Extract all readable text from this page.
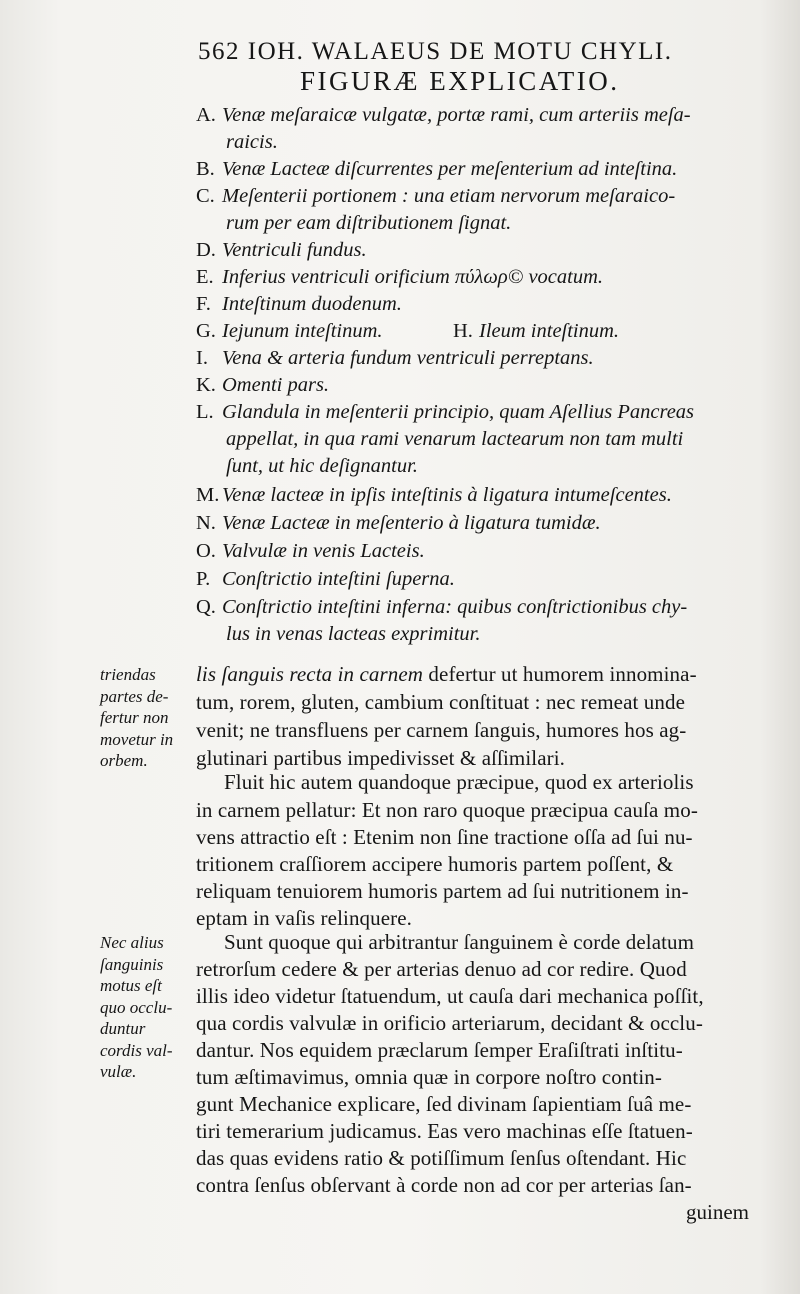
562 IOH. WALAEUS DE MOTU CHYLI.
FIGURÆ EXPLICATIO.
A. Venæ meſaraicæ vulgatæ, portæ rami, cum arteriis meſa-
raicis.
B. Venæ Lacteæ diſcurrentes per meſenterium ad inteſtina.
C. Meſenterii portionem : una etiam nervorum meſaraico-
rum per eam diſtributionem ſignat.
D. Ventriculi fundus.
E. Inferius ventriculi orificium πύλωρ© vocatum.
F. Inteſtinum duodenum.
G. Iejunum inteſtinum.	H. Ileum inteſtinum.
I. Vena & arteria fundum ventriculi perreptans.
K. Omenti pars.
L. Glandula in meſenterii principio, quam Aſellius Pancreas
appellat, in qua rami venarum lactearum non tam multi
ſunt, ut hic deſignantur.
M. Venæ lacteæ in ipſis inteſtinis à ligatura intumeſcentes.
N. Venæ Lacteæ in meſenterio à ligatura tumidæ.
O. Valvulæ in venis Lacteis.
P. Conſtrictio inteſtini ſuperna.
Q. Conſtrictio inteſtini inferna: quibus conſtrictionibus chy-
lus in venas lacteas exprimitur.
triendas
partes de-
fertur non
movetur in
orbem.
lis ſanguis recta in carnem defertur ut humorem innomina-
tum, rorem, gluten, cambium conſtituat : nec remeat unde
venit; ne transfluens per carnem ſanguis, humores hos ag-
glutinari partibus impedivisset & aſſimilari.
Fluit hic autem quandoque præcipue, quod ex arteriolis
in carnem pellatur: Et non raro quoque præcipua cauſa mo-
vens attractio eſt : Etenim non ſine tractione oſſa ad ſui nu-
tritionem craſſiorem accipere humoris partem poſſent, &
reliquam tenuiorem humoris partem ad ſui nutritionem in-
eptam in vaſis relinquere.
Nec alius
ſanguinis
motus eſt
quo occlu-
duntur
cordis val-
vulæ.
Sunt quoque qui arbitrantur ſanguinem è corde delatum
retrorſum cedere & per arterias denuo ad cor redire. Quod
illis ideo videtur ſtatuendum, ut cauſa dari mechanica poſſit,
qua cordis valvulæ in orificio arteriarum, decidant & occlu-
dantur. Nos equidem præclarum ſemper Eraſiſtrati inſtitu-
tum æſtimavimus, omnia quæ in corpore noſtro contin-
gunt Mechanice explicare, ſed divinam ſapientiam ſuâ me-
tiri temerarium judicamus. Eas vero machinas eſſe ſtatuen-
das quas evidens ratio & potiſſimum ſenſus oſtendant. Hic
contra ſenſus obſervant à corde non ad cor per arterias ſan-
guinem
